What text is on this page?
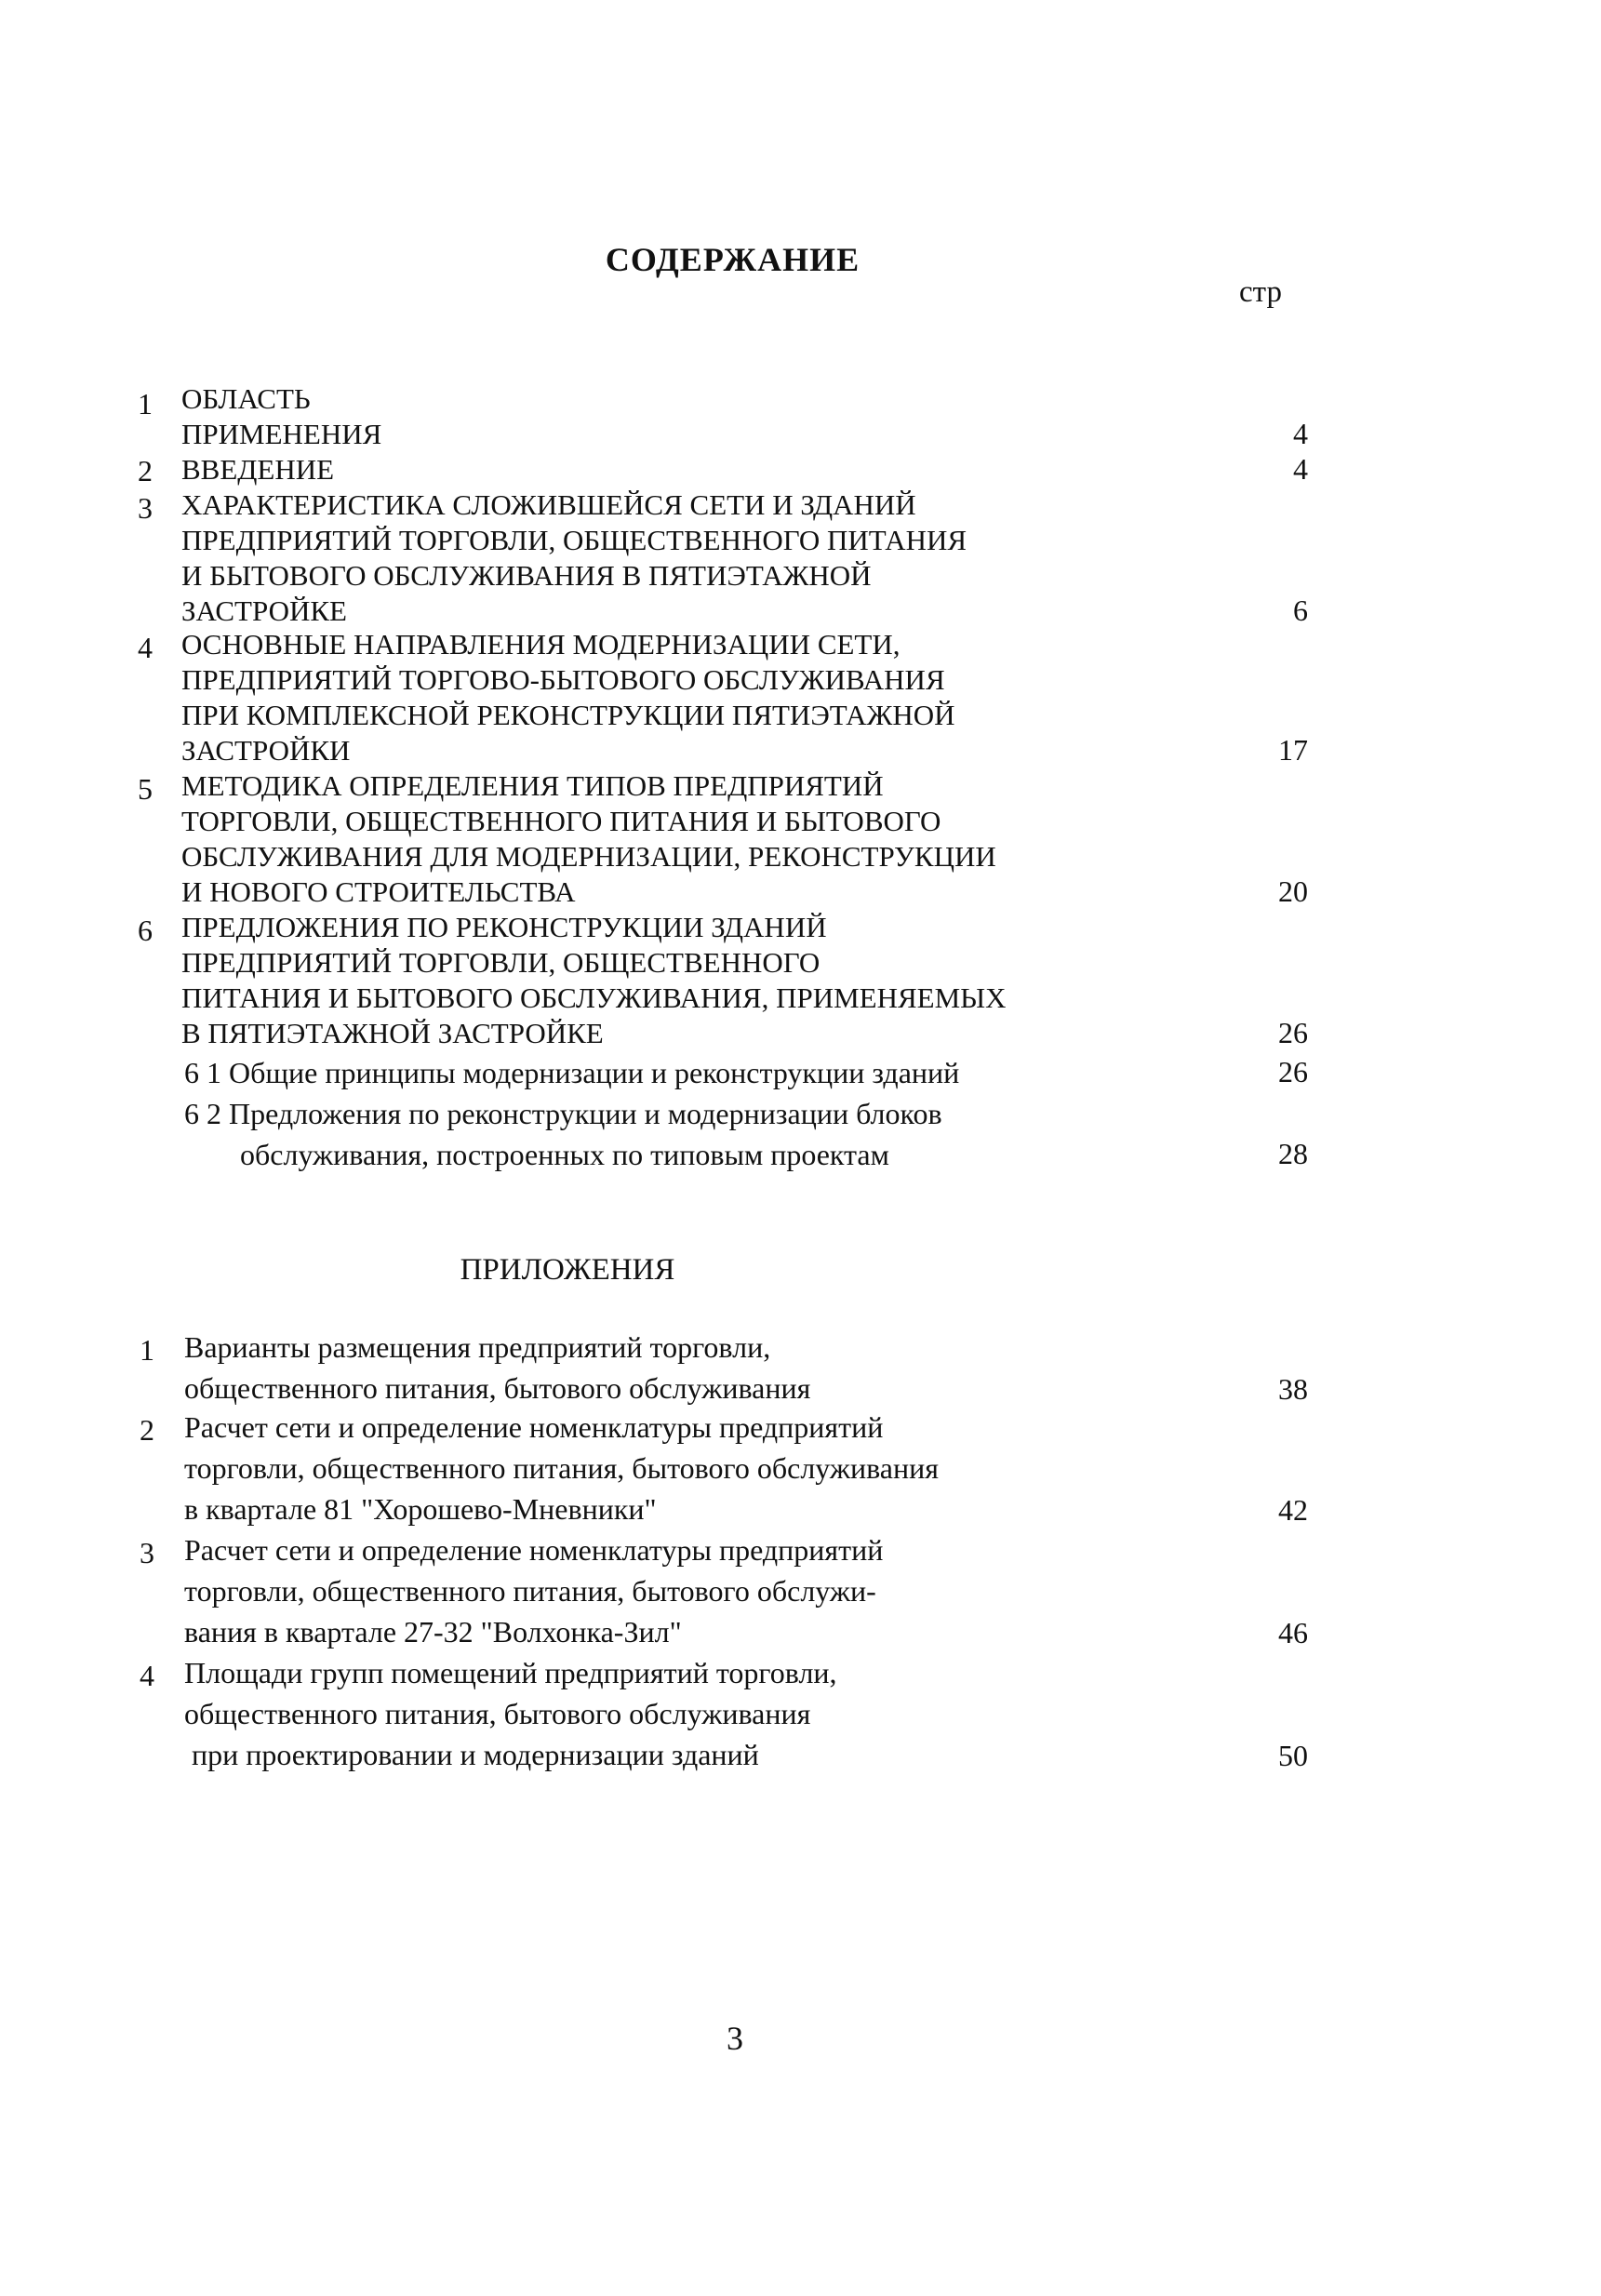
СОДЕРЖАНИЕ
стр
1 ОБЛАСТЬ
ПРИМЕНЕНИЯ	4
2 ВВЕДЕНИЕ	4
3 ХАРАКТЕРИСТИКА СЛОЖИВШЕЙСЯ СЕТИ И ЗДАНИЙ
ПРЕДПРИЯТИЙ ТОРГОВЛИ, ОБЩЕСТВЕННОГО ПИТАНИЯ
И БЫТОВОГО ОБСЛУЖИВАНИЯ В ПЯТИЭТАЖНОЙ
ЗАСТРОЙКЕ	6
4 ОСНОВНЫЕ НАПРАВЛЕНИЯ МОДЕРНИЗАЦИИ СЕТИ,
ПРЕДПРИЯТИЙ ТОРГОВО-БЫТОВОГО ОБСЛУЖИВАНИЯ
ПРИ КОМПЛЕКСНОЙ РЕКОНСТРУКЦИИ ПЯТИЭТАЖНОЙ
ЗАСТРОЙКИ	17
5 МЕТОДИКА ОПРЕДЕЛЕНИЯ ТИПОВ ПРЕДПРИЯТИЙ
ТОРГОВЛИ, ОБЩЕСТВЕННОГО ПИТАНИЯ И БЫТОВОГО
ОБСЛУЖИВАНИЯ ДЛЯ МОДЕРНИЗАЦИИ, РЕКОНСТРУКЦИИ
И НОВОГО СТРОИТЕЛЬСТВА	20
6 ПРЕДЛОЖЕНИЯ ПО РЕКОНСТРУКЦИИ ЗДАНИЙ
ПРЕДПРИЯТИЙ ТОРГОВЛИ, ОБЩЕСТВЕННОГО
ПИТАНИЯ И БЫТОВОГО ОБСЛУЖИВАНИЯ, ПРИМЕНЯЕМЫХ
В ПЯТИЭТАЖНОЙ ЗАСТРОЙКЕ	26
6 1 Общие принципы модернизации и реконструкции зданий	26
6 2 Предложения по реконструкции и модернизации блоков
обслуживания, построенных по типовым проектам	28
ПРИЛОЖЕНИЯ
1 Варианты размещения предприятий торговли,
общественного питания, бытового обслуживания	38
2 Расчет сети и определение номенклатуры предприятий
торговли, общественного питания, бытового обслуживания
в квартале 81 "Хорошево-Мневники"	42
3 Расчет сети и определение номенклатуры предприятий
торговли, общественного питания, бытового обслужи-
вания в квартале 27-32 "Волхонка-Зил"	46
4 Площади групп помещений предприятий торговли,
общественного питания, бытового обслуживания
при проектировании и модернизации зданий	50
3
